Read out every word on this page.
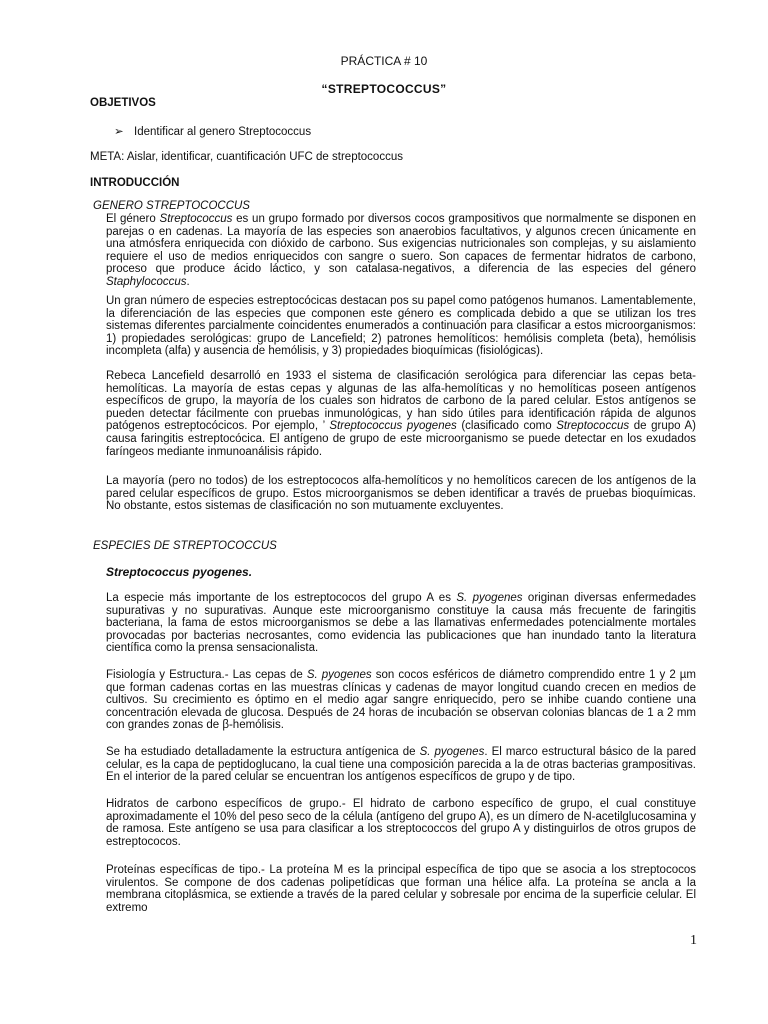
PRÁCTICA # 10
“STREPTOCOCCUS”
OBJETIVOS
➢ Identificar al genero Streptococcus
META: Aislar, identificar, cuantificación UFC de streptococcus
INTRODUCCIÓN
GENERO STREPTOCOCCUS
El género Streptococcus es un grupo formado por diversos cocos grampositivos que normalmente se disponen en parejas o en cadenas. La mayoría de las especies son anaerobios facultativos, y algunos crecen únicamente en una atmósfera enriquecida con dióxido de carbono. Sus exigencias nutricionales son complejas, y su aislamiento requiere el uso de medios enriquecidos con sangre o suero. Son capaces de fermentar hidratos de carbono, proceso que produce ácido láctico, y son catalasa-negativos, a diferencia de las especies del género Staphylococcus.
Un gran número de especies estreptocócicas destacan pos su papel como patógenos humanos. Lamentablemente, la diferenciación de las especies que componen este género es complicada debido a que se utilizan los tres sistemas diferentes parcialmente coincidentes enumerados a continuación para clasificar a estos microorganismos: 1) propiedades serológicas: grupo de Lancefield; 2) patrones hemolíticos: hemólisis completa (beta), hemólisis incompleta (alfa) y ausencia de hemólisis, y 3) propiedades bioquímicas (fisiológicas).
Rebeca Lancefield desarrolló en 1933 el sistema de clasificación serológica para diferenciar las cepas beta-hemolíticas. La mayoría de estas cepas y algunas de las alfa-hemolíticas y no hemolíticas poseen antígenos específicos de grupo, la mayoría de los cuales son hidratos de carbono de la pared celular. Estos antígenos se pueden detectar fácilmente con pruebas inmunológicas, y han sido útiles para identificación rápida de algunos patógenos estreptocócicos. Por ejemplo, ’ Streptococcus pyogenes (clasificado como Streptococcus de grupo A) causa faringitis estreptocócica. El antígeno de grupo de este microorganismo se puede detectar en los exudados faríngeos mediante inmunoanálisis rápido.
La mayoría (pero no todos) de los estreptococos alfa-hemolíticos y no hemolíticos carecen de los antígenos de la pared celular específicos de grupo. Estos microorganismos se deben identificar a través de pruebas bioquímicas. No obstante, estos sistemas de clasificación no son mutuamente excluyentes.
ESPECIES DE STREPTOCOCCUS
Streptococcus pyogenes.
La especie más importante de los estreptococos del grupo A es S. pyogenes originan diversas enfermedades supurativas y no supurativas. Aunque este microorganismo constituye la causa más frecuente de faringitis bacteriana, la fama de estos microorganismos se debe a las llamativas enfermedades potencialmente mortales provocadas por bacterias necrosantes, como evidencia las publicaciones que han inundado tanto la literatura científica como la prensa sensacionalista.
Fisiología y Estructura.- Las cepas de S. pyogenes son cocos esféricos de diámetro comprendido entre 1 y 2 µm que forman cadenas cortas en las muestras clínicas y cadenas de mayor longitud cuando crecen en medios de cultivos. Su crecimiento es óptimo en el medio agar sangre enriquecido, pero se inhibe cuando contiene una concentración elevada de glucosa. Después de 24 horas de incubación se observan colonias blancas de 1 a 2 mm con grandes zonas de β-hemólisis.
Se ha estudiado detalladamente la estructura antígenica de S. pyogenes. El marco estructural básico de la pared celular, es la capa de peptidoglucano, la cual tiene una composición parecida a la de otras bacterias grampositivas. En el interior de la pared celular se encuentran los antígenos específicos de grupo y de tipo.
Hidratos de carbono específicos de grupo.- El hidrato de carbono específico de grupo, el cual constituye aproximadamente el 10% del peso seco de la célula (antígeno del grupo A), es un dímero de N-acetilglucosamina y de ramosa. Este antígeno se usa para clasificar a los streptococcos del grupo A y distinguirlos de otros grupos de estreptococos.
Proteínas específicas de tipo.- La proteína M es la principal específica de tipo que se asocia a los streptococos virulentos. Se compone de dos cadenas polipetídicas que forman una hélice alfa. La proteína se ancla a la membrana citoplásmica, se extiende a través de la pared celular y sobresale por encima de la superficie celular. El extremo
1
